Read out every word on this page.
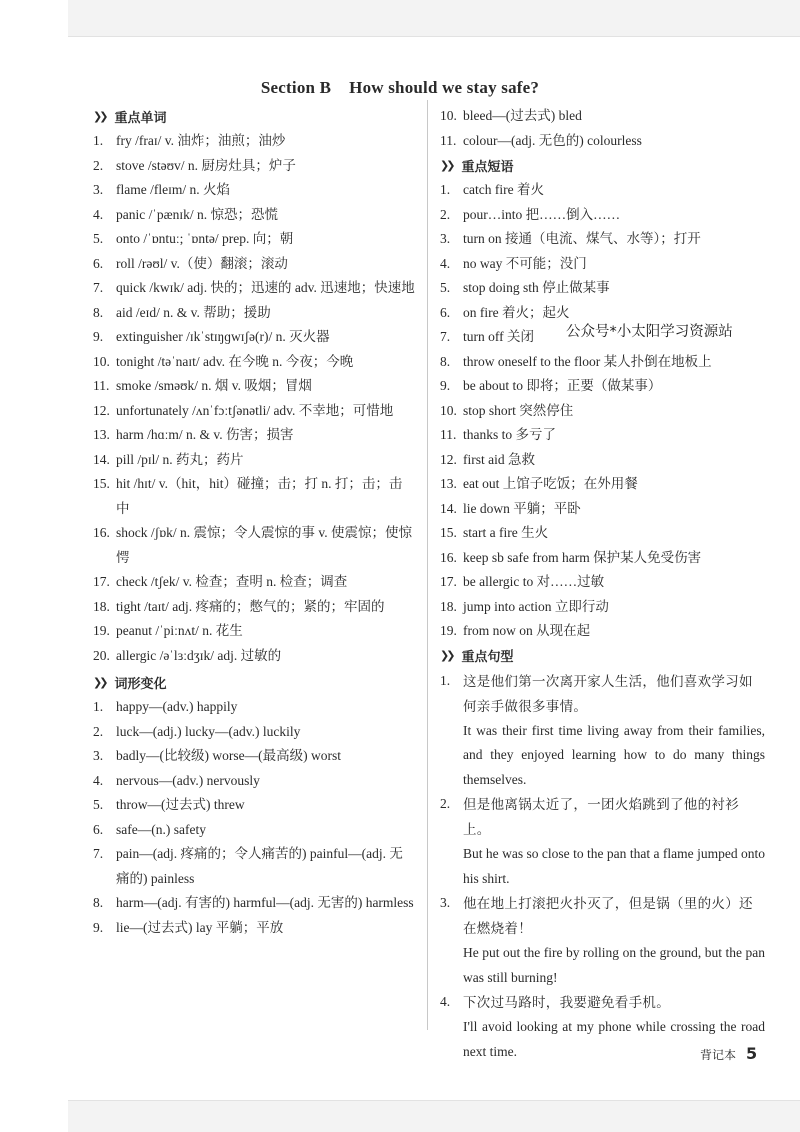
Section B How should we stay safe?
❯❯ 重点单词
1. fry /fraɪ/ v. 油炸；油煎；油炒
2. stove /stəʊv/ n. 厨房灶具；炉子
3. flame /fleɪm/ n. 火焰
4. panic /ˈpænɪk/ n. 惊恐；恐慌
5. onto /ˈɒntuː; ˈɒntə/ prep. 向；朝
6. roll /rəʊl/ v.（使）翻滚；滚动
7. quick /kwɪk/ adj. 快的；迅速的 adv. 迅速地；快速地
8. aid /eɪd/ n. & v. 帮助；援助
9. extinguisher /ɪkˈstɪŋɡwɪʃə(r)/ n. 灭火器
10. tonight /təˈnaɪt/ adv. 在今晚 n. 今夜；今晚
11. smoke /sməʊk/ n. 烟 v. 吸烟；冒烟
12. unfortunately /ʌnˈfɔːtʃənətli/ adv. 不幸地；可惜地
13. harm /hɑːm/ n. & v. 伤害；损害
14. pill /pɪl/ n. 药丸；药片
15. hit /hɪt/ v.（hit，hit）碰撞；击；打 n. 打；击；击中
16. shock /ʃɒk/ n. 震惊；令人震惊的事 v. 使震惊；使惊愕
17. check /tʃek/ v. 检查；查明 n. 检查；调查
18. tight /taɪt/ adj. 疼痛的；憋气的；紧的；牢固的
19. peanut /ˈpiːnʌt/ n. 花生
20. allergic /əˈlɜːdʒɪk/ adj. 过敏的
❯❯ 词形变化
1. happy—(adv.) happily
2. luck—(adj.) lucky—(adv.) luckily
3. badly—(比较级) worse—(最高级) worst
4. nervous—(adv.) nervously
5. throw—(过去式) threw
6. safe—(n.) safety
7. pain—(adj. 疼痛的；令人痛苦的) painful—(adj. 无痛的) painless
8. harm—(adj. 有害的) harmful—(adj. 无害的) harmless
9. lie—(过去式) lay 平躺；平放
10. bleed—(过去式) bled
11. colour—(adj. 无色的) colourless
❯❯ 重点短语
1. catch fire 着火
2. pour…into 把……倒入……
3. turn on 接通（电流、煤气、水等）；打开
4. no way 不可能；没门
5. stop doing sth 停止做某事
6. on fire 着火；起火
7. turn off 关闭
8. throw oneself to the floor 某人扑倒在地板上
9. be about to 即将；正要（做某事）
10. stop short 突然停住
11. thanks to 多亏了
12. first aid 急救
13. eat out 上馆子吃饭；在外用餐
14. lie down 平躺；平卧
15. start a fire 生火
16. keep sb safe from harm 保护某人免受伤害
17. be allergic to 对……过敏
18. jump into action 立即行动
19. from now on 从现在起
❯❯ 重点句型
1. 这是他们第一次离开家人生活，他们喜欢学习如何亲手做很多事情。
It was their first time living away from their families, and they enjoyed learning how to do many things themselves.
2. 但是他离锅太近了，一团火焰跳到了他的衬衫上。
But he was so close to the pan that a flame jumped onto his shirt.
3. 他在地上打滚把火扑灭了，但是锅（里的火）还在燃烧着！
He put out the fire by rolling on the ground, but the pan was still burning!
4. 下次过马路时，我要避免看手机。
I'll avoid looking at my phone while crossing the road next time.
公众号*小太阳学习资源站
背记本 5
